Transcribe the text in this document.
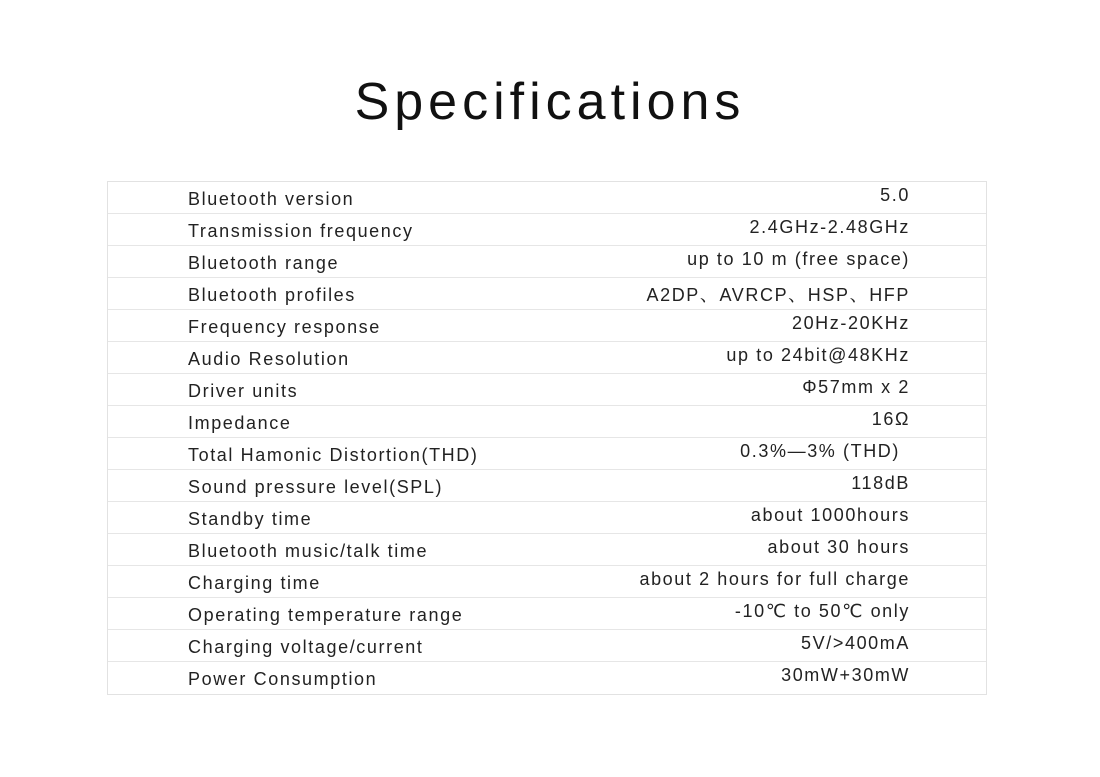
Specifications
Bluetooth version	5.0
Transmission frequency	2.4GHz-2.48GHz
Bluetooth range	up to 10 m (free space)
Bluetooth profiles	A2DP、AVRCP、HSP、HFP
Frequency response	20Hz-20KHz
Audio Resolution	up to 24bit@48KHz
Driver units	Φ57mm x 2
Impedance	16Ω
Total Hamonic Distortion(THD)	0.3%—3% (THD)
Sound pressure level(SPL)	118dB
Standby time	about 1000hours
Bluetooth music/talk time	about 30 hours
Charging time	about 2 hours for full charge
Operating temperature range	-10℃ to 50℃ only
Charging voltage/current	5V/>400mA
Power Consumption	30mW+30mW
